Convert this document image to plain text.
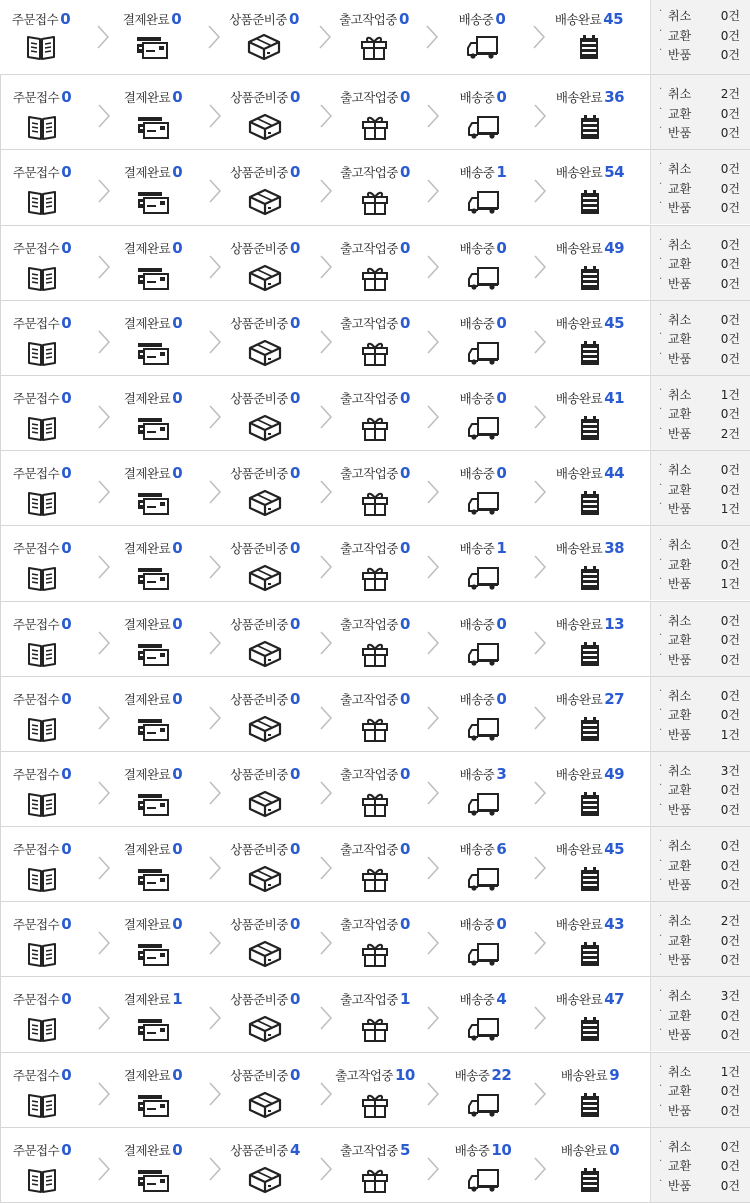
주문접수 0	결제완료 0	상품준비중 0	출고작업중 0	배송중 0	배송완료 45	· 취소 0건
· 교환 0건
· 반품 0건
주문접수 0	결제완료 0	상품준비중 0	출고작업중 0	배송중 0	배송완료 36	· 취소 2건
· 교환 0건
· 반품 0건
주문접수 0	결제완료 0	상품준비중 0	출고작업중 0	배송중 1	배송완료 54	· 취소 0건
· 교환 0건
· 반품 0건
주문접수 0	결제완료 0	상품준비중 0	출고작업중 0	배송중 0	배송완료 49	· 취소 0건
· 교환 0건
· 반품 0건
주문접수 0	결제완료 0	상품준비중 0	출고작업중 0	배송중 0	배송완료 45	· 취소 0건
· 교환 0건
· 반품 0건
주문접수 0	결제완료 0	상품준비중 0	출고작업중 0	배송중 0	배송완료 41	· 취소 1건
· 교환 0건
· 반품 2건
주문접수 0	결제완료 0	상품준비중 0	출고작업중 0	배송중 0	배송완료 44	· 취소 0건
· 교환 0건
· 반품 1건
주문접수 0	결제완료 0	상품준비중 0	출고작업중 0	배송중 1	배송완료 38	· 취소 0건
· 교환 0건
· 반품 1건
주문접수 0	결제완료 0	상품준비중 0	출고작업중 0	배송중 0	배송완료 13	· 취소 0건
· 교환 0건
· 반품 0건
주문접수 0	결제완료 0	상품준비중 0	출고작업중 0	배송중 0	배송완료 27	· 취소 0건
· 교환 0건
· 반품 1건
주문접수 0	결제완료 0	상품준비중 0	출고작업중 0	배송중 3	배송완료 49	· 취소 3건
· 교환 0건
· 반품 0건
주문접수 0	결제완료 0	상품준비중 0	출고작업중 0	배송중 6	배송완료 45	· 취소 0건
· 교환 0건
· 반품 0건
주문접수 0	결제완료 0	상품준비중 0	출고작업중 0	배송중 0	배송완료 43	· 취소 2건
· 교환 0건
· 반품 0건
주문접수 0	결제완료 1	상품준비중 0	출고작업중 1	배송중 4	배송완료 47	· 취소 3건
· 교환 0건
· 반품 0건
주문접수 0	결제완료 0	상품준비중 0	출고작업중 10	배송중 22	배송완료 9	· 취소 1건
· 교환 0건
· 반품 0건
주문접수 0	결제완료 0	상품준비중 4	출고작업중 5	배송중 10	배송완료 0	· 취소 0건
· 교환 0건
· 반품 0건
